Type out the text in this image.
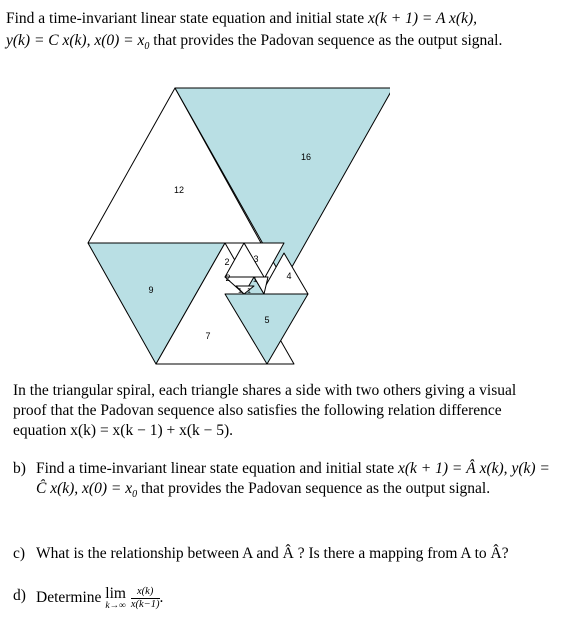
Find a time-invariant linear state equation and initial state x(k + 1) = A x(k),
y(k) = C x(k), $x(0) = x_0$ that provides the Padovan sequence as the output signal.
16
12
9
7
5
4
3
2
2	1
1 1
In the triangular spiral, each triangle shares a side with two others giving a visual proof that the Padovan sequence also satisfies the following relation difference equation x(k) = x(k − 1) + x(k − 5).
b) Find a time-invariant linear state equation and initial state x(k + 1) = Â x(k), y(k) = Ĉ x(k), $x(0) = x_0$ that provides the Padovan sequence as the output signal.
c) What is the relationship between A and Â ? Is there a mapping from A to Â?
d) Determine lim
k→∞
$\frac{x(k)}{x(k-1)}$ .
